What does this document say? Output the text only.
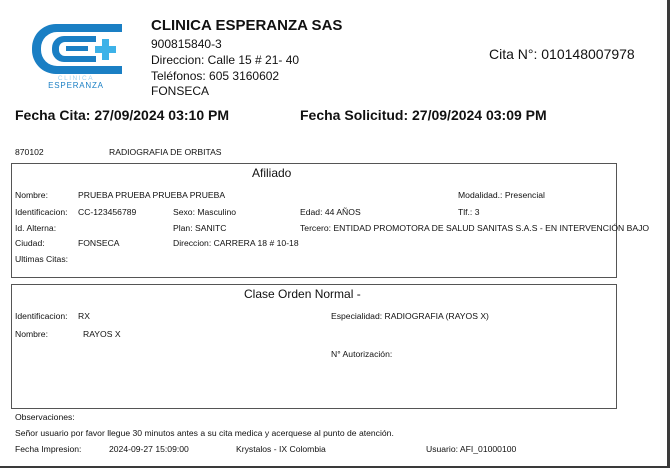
CLINICA
ESPERANZA
CLINICA ESPERANZA SAS
900815840-3
Direccion: Calle 15 # 21- 40
Teléfonos: 605 3160602
FONSECA
Cita N°: 010148007978
Fecha Cita: 27/09/2024 03:10 PM	Fecha Solicitud: 27/09/2024 03:09 PM
870102	RADIOGRAFIA DE ORBITAS
Afiliado
Nombre:	PRUEBA PRUEBA PRUEBA PRUEBA	Modalidad.: Presencial
Identificacion: CC-123456789	Sexo: Masculino	Edad: 44 AÑOS	Tlf.: 3
Id. Alterna:	Plan: SANITC	Tercero: ENTIDAD PROMOTORA DE SALUD SANITAS S.A.S - EN INTERVENCIÓN BAJO
Ciudad:	FONSECA	Direccion: CARRERA 18 # 10-18
Ultimas Citas:
Clase Orden Normal -
Identificacion: RX	Especialidad: RADIOGRAFIA (RAYOS X)
Nombre:	RAYOS X
N° Autorización:
Observaciones:
Señor usuario por favor llegue 30 minutos antes a su cita medica y acerquese al punto de atención.
Fecha Impresion:	2024-09-27 15:09:00	Krystalos - IX Colombia	Usuario: AFI_01000100
